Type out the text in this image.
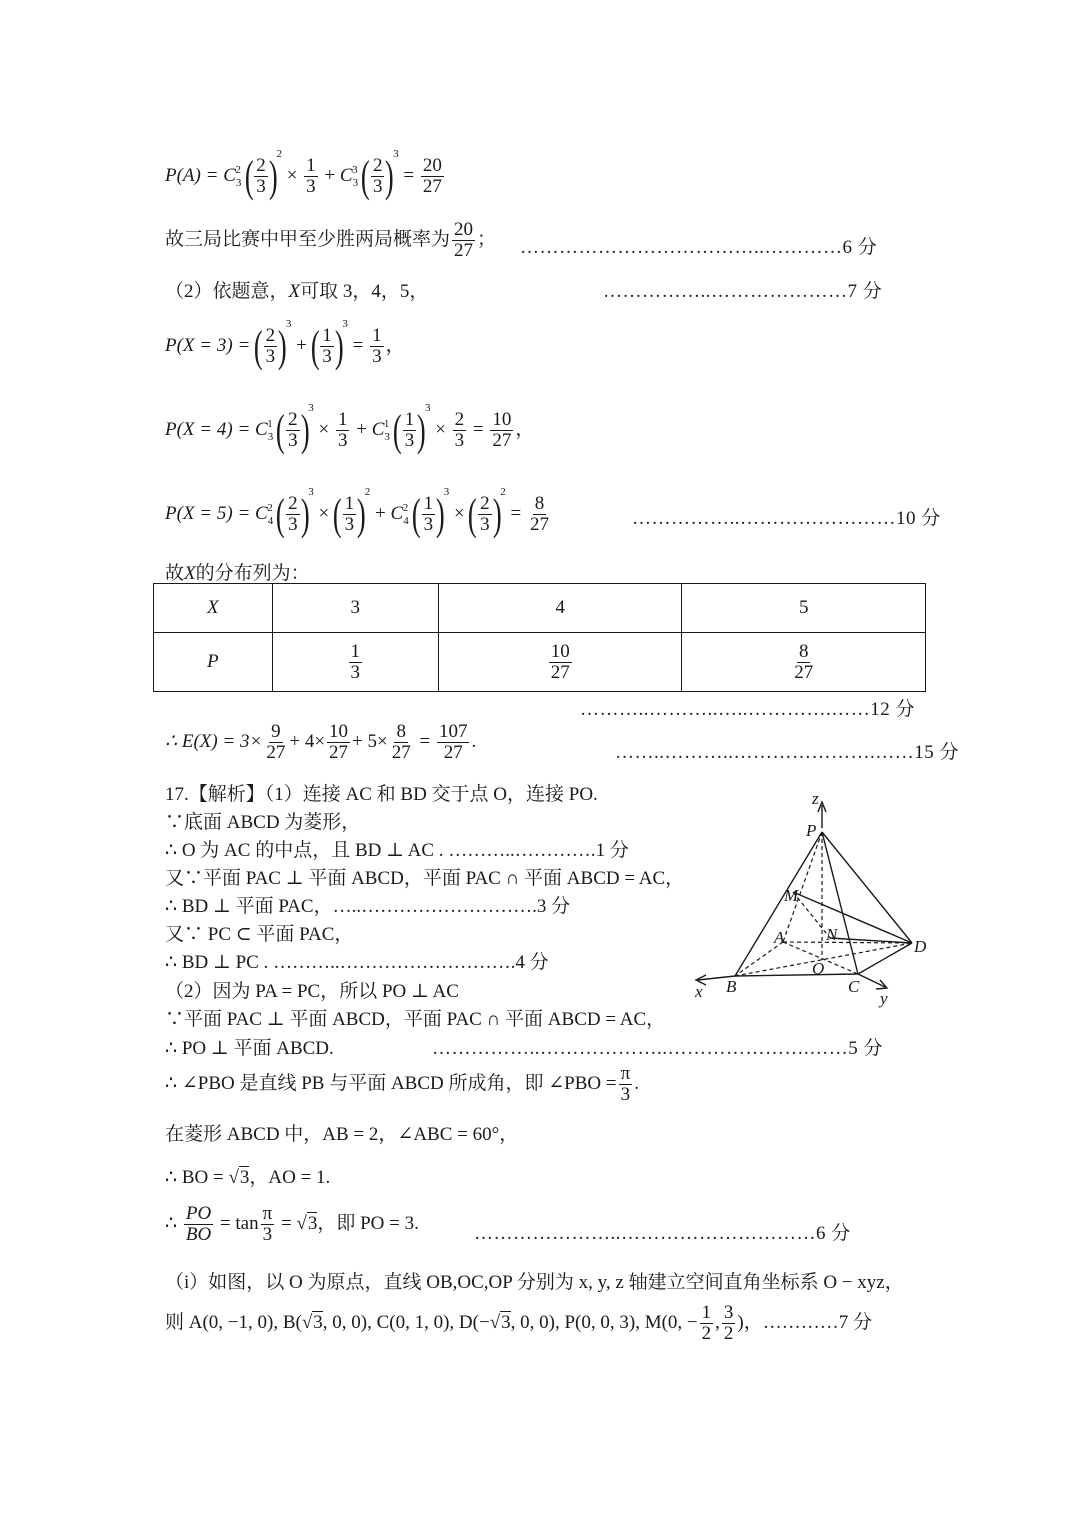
$P(A) = C_3^2$ ( $\frac{2}{3} )^2 \times \frac{1}{3} + C_3^3$ ( $\frac{2}{3} )^3 = \frac{20}{27}$
故三局比赛中甲至少胜两局概率为 $\frac{20}{27}$ ； ………………………………..…………6 分
（2）依题意，X可取 3，4，5，	……………..…………………7 分
P(X = 3) = ( $\frac{2}{3} )^3$ + ( $\frac{1}{3} )^3 = \frac{1}{3}$ ，
$P(X = 4) = C_3^1$ ( $\frac{2}{3} )^3 \times \frac{1}{3} + C_3^1$ ( $\frac{1}{3} )^3 \times \frac{2}{3} = \frac{10}{27}$ ，
$P(X = 5) = C_4^2$ ( $\frac{2}{3} )^3$ × ( $\frac{1}{3} )^2 + C_4^2$ ( $\frac{1}{3} )^3$ × ( $\frac{2}{3} )^2 = \frac{8}{27}$	……………..……………………10 分
故X的分布列为：
X	3	4	5
P	$\frac{1}{3}$	$\frac{10}{27}$	$\frac{8}{27}$
………..………..…..………….……12 分
∴ $E(X) = 3\times \frac{9}{27} + 4\times \frac{10}{27} + 5\times \frac{8}{27} = \frac{107}{27}$ .
……..………..………………….……15 分
17.【解析】（1）连接 AC 和 BD 交于点 O，连接 PO.
∵底面 ABCD 为菱形，
∴ O 为 AC 的中点，且 BD ⊥ AC . ………..………….1 分
又∵平面 PAC ⊥ 平面 ABCD，平面 PAC ∩ 平面 ABCD = AC，
∴ BD ⊥ 平面 PAC，…..……………………….3 分
又∵ PC ⊂ 平面 PAC，
∴ BD ⊥ PC . ………..……………………….4 分
（2）因为 PA = PC，所以 PO ⊥ AC
∵平面 PAC ⊥ 平面 ABCD，平面 PAC ∩ 平面 ABCD = AC，
∴ PO ⊥ 平面 ABCD.	……………..………………..………………….……5 分
z
P
M
A N
D
O
B	C
x	y
∴ ∠PBO 是直线 PB 与平面 ABCD 所成角，即 ∠PBO = $\frac{\pi}{3}$ .
在菱形 ABCD 中，AB = 2，∠ABC = 60°，
∴ BO = √3，AO = 1.
∴ $\frac{PO}{BO} = \tan \frac{\pi}{3} = √3$，即 PO = 3.	…………………..…………………………6 分
（i）如图，以 O 为原点，直线 OB,OC,OP 分别为 x, y, z 轴建立空间直角坐标系 O − xyz，
则 A(0, −1, 0), B(√3, 0, 0), C(0, 1, 0), D(−√3, 0, 0), P(0, 0, 3), M(0, − $\frac{1}{2}$ , $\frac{3}{2}$ )，…………7 分
